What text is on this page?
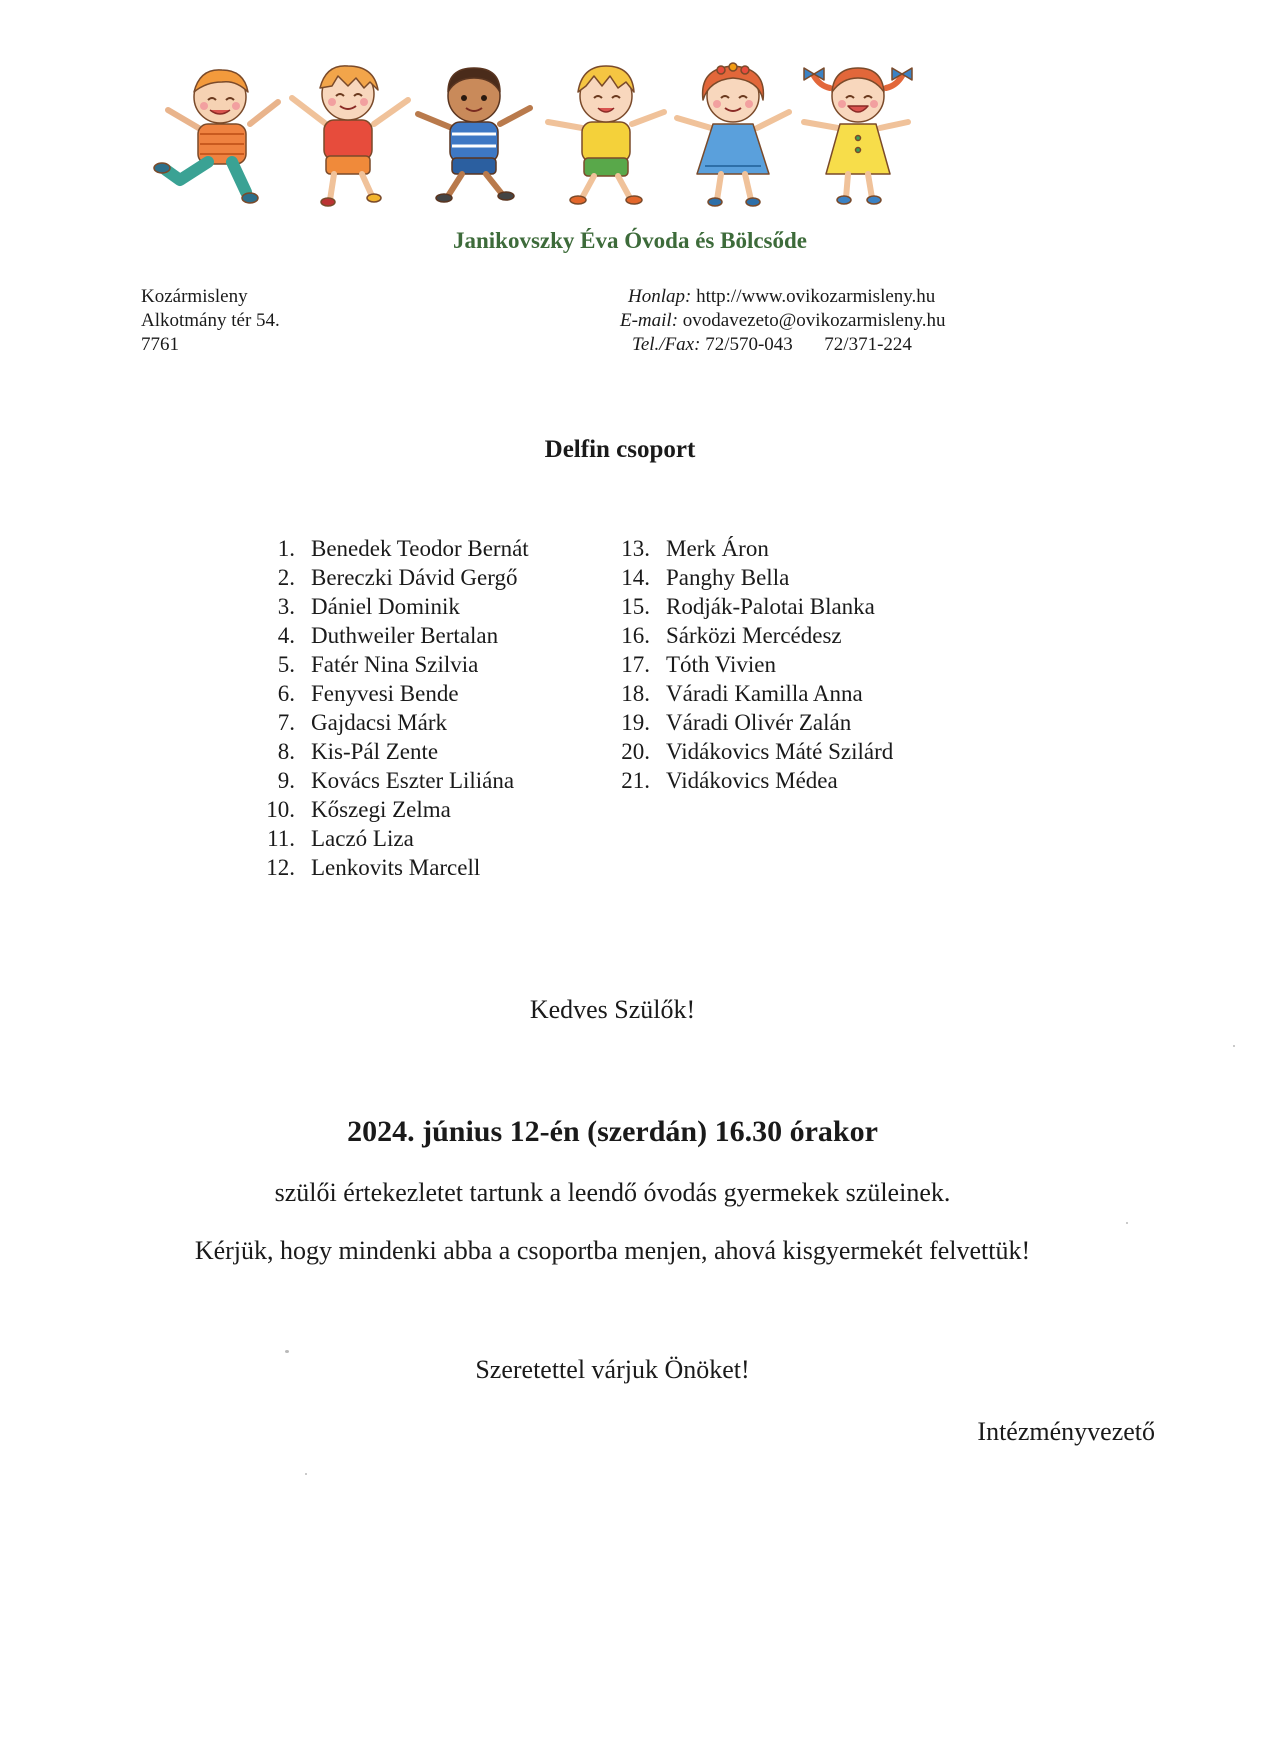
Janikovszky Éva Óvoda és Bölcsőde
Kozármisleny
Alkotmány tér 54.
7761
Honlap: http://www.ovikozarmisleny.hu
E-mail: ovodavezeto@ovikozarmisleny.hu
Tel./Fax: 72/570-043 72/371-224
Delfin csoport
1. Benedek Teodor Bernát
2. Bereczki Dávid Gergő
3. Dániel Dominik
4. Duthweiler Bertalan
5. Fatér Nina Szilvia
6. Fenyvesi Bende
7. Gajdacsi Márk
8. Kis-Pál Zente
9. Kovács Eszter Liliána
10. Kőszegi Zelma
11. Laczó Liza
12. Lenkovits Marcell
13. Merk Áron
14. Panghy Bella
15. Rodják-Palotai Blanka
16. Sárközi Mercédesz
17. Tóth Vivien
18. Váradi Kamilla Anna
19. Váradi Olivér Zalán
20. Vidákovics Máté Szilárd
21. Vidákovics Médea
Kedves Szülők!
2024. június 12-én (szerdán) 16.30 órakor
szülői értekezletet tartunk a leendő óvodás gyermekek szüleinek.
Kérjük, hogy mindenki abba a csoportba menjen, ahová kisgyermekét felvettük!
Szeretettel várjuk Önöket!
Intézményvezető
